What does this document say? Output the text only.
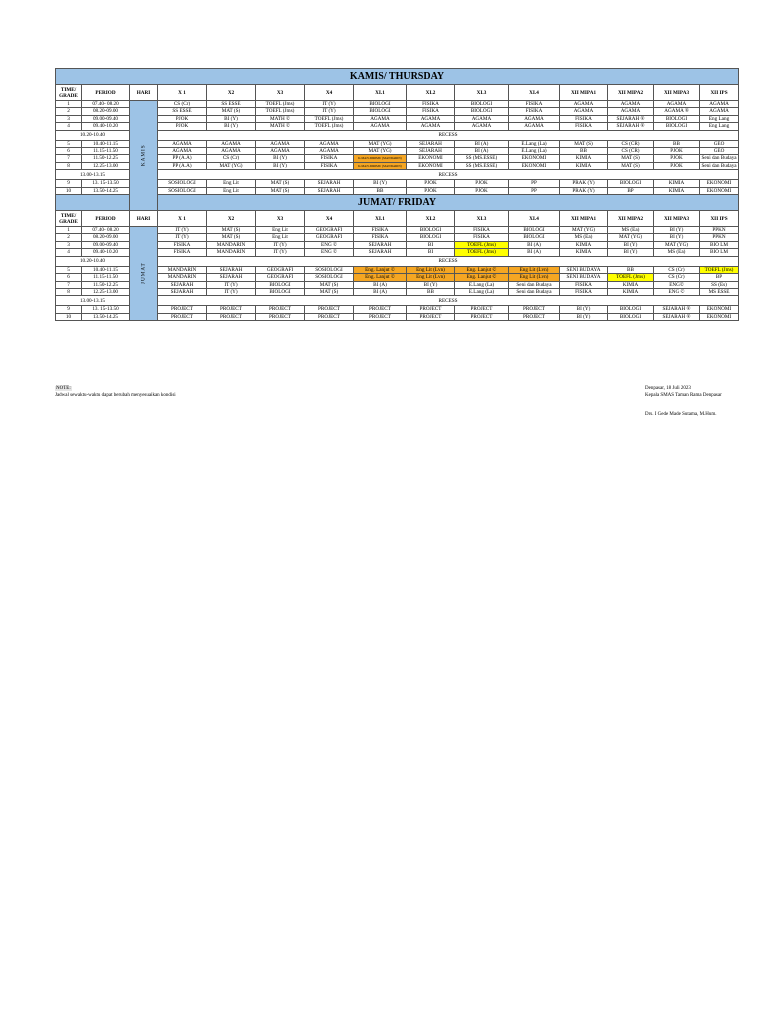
KAMIS/ THURSDAY														
TIME/ GRADE	PERIOD	HARI	X 1	X2	X3	X4	XI.1	XI.2	XI.3	XI.4	XII MIPA1	XII MIPA2	XII MIPA3	XII IPS
1	07.40- 08.20	KAMIS	CS (Cr)	SS ESSE	TOEFL (Jms)	IT (Y)	BIOLOGI	FISIKA	BIOLOGI	FISIKA	AGAMA	AGAMA	AGAMA	AGAMA
2	08.20-09.00		SS ESSE	MAT (S)	TOEFL (Jms)	IT (Y)	BIOLOGI	FISIKA	BIOLOGI	FISIKA	AGAMA	AGAMA	AGAMA ®	AGAMA
3	09.00-09.40		PJOK	BI (Y)	MATH ©	TOEFL (Jms)	AGAMA	AGAMA	AGAMA	AGAMA	FISIKA	SEJARAH ®	BIOLOGI	Eng Lang
4	09.40-10.20		PJOK	BI (Y)	MATH ©	TOEFL (Jms)	AGAMA	AGAMA	AGAMA	AGAMA	FISIKA	SEJARAH ®	BIOLOGI	Eng Lang
10.20-10.40			RECESS											
5	10.40-11.15		AGAMA	AGAMA	AGAMA	AGAMA	MAT (YG)	SEJARAH	BI (A)	E.Lang (La)	MAT (S)	CS (CR)	BB	GEO
6	11.15-11.50		AGAMA	AGAMA	AGAMA	AGAMA	MAT (YG)	SEJARAH	BI (A)	E.Lang (La)	BB	CS (CR)	PJOK	GEO
7	11.50-12.25		PP (A.A)	CS (Cr)	BI (Y)	FISIKA	K.MAN.DIRIMU (MANDARIN)	EKONOMI	SS (MS.ESSE)	EKONOMI	KIMIA	MAT (S)	PJOK	Seni dan Budaya
8	12.25-13.00		PP (A.A)	MAT (YG)	BI (Y)	FISIKA	K.MAN.DIRIMU (MANDARIN)	EKONOMI	SS (MS.ESSE)	EKONOMI	KIMIA	MAT (S)	PJOK	Seni dan Budaya
13.00-13.15			RECESS											
9	13. 15-13.50		SOSIOLOGI	Eng Lit	MAT (S)	SEJARAH	BI (Y)	PJOK	PJOK	PP	PRAK (Y)	BIOLOGI	KIMIA	EKONOMI
10	13.50-14.25		SOSIOLOGI	Eng Lit	MAT (S)	SEJARAH	BB	PJOK	PJOK	PP	PRAK (Y)	BP	KIMIA	EKONOMI
JUMAT/ FRIDAY														
TIME/ GRADE	PERIOD	HARI	X 1	X2	X3	X4	XI.1	XI.2	XI.3	XI.4	XII MIPA1	XII MIPA2	XII MIPA3	XII IPS
1	07.40- 08.20	JUMAT	IT (Y)	MAT (S)	Eng Lit	GEOGRAFI	FISIKA	BIOLOGI	FISIKA	BIOLOGI	MAT (YG)	MS (Ea)	BI (Y)	PPKN
2	08.20-09.00		IT (Y)	MAT (S)	Eng Lit	GEOGRAFI	FISIKA	BIOLOGI	FISIKA	BIOLOGI	MS (Ea)	MAT (YG)	BI (Y)	PPKN
3	09.00-09.40		FISIKA	MANDARIN	IT (Y)	ENG ©	SEJARAH	BI	TOEFL (Jms)	BI (A)	KIMIA	BI (Y)	MAT (YG)	BIO LM
4	09.40-10.20		FISIKA	MANDARIN	IT (Y)	ENG ©	SEJARAH	BI	TOEFL (Jms)	BI (A)	KIMIA	BI (Y)	MS (Ea)	BIO LM
10.20-10.40			RECESS											
5	10.40-11.15		MANDARIN	SEJARAH	GEOGRAFI	SOSIOLOGI	Eng. Lanjut ©	Eng Lit (Lvn)	Eng. Lanjut ©	Eng Lit (Lvn)	SENI BUDAYA	BB	CS (Cr)	TOEFL (Jms)
6	11.15-11.50		MANDARIN	SEJARAH	GEOGRAFI	SOSIOLOGI	Eng. Lanjut ©	Eng Lit (Lvn)	Eng. Lanjut ©	Eng Lit (Lvn)	SENI BUDAYA	TOEFL (Jms)	CS (Cr)	BP
7	11.50-12.25		SEJARAH	IT (Y)	BIOLOGI	MAT (S)	BI (A)	BI (Y)	E.Lang (La)	Seni dan Budaya	FISIKA	KIMIA	ENG©	SS (Es)
8	12.25-13.00		SEJARAH	IT (Y)	BIOLOGI	MAT (S)	BI (A)	BB	E.Lang (La)	Seni dan Budaya	FISIKA	KIMIA	ENG ©	MS ESSE
13.00-13.15			RECESS											
9	13. 15-13.50		PROJECT	PROJECT	PROJECT	PROJECT	PROJECT	PROJECT	PROJECT	PROJECT	BI (Y)	BIOLOGI	SEJARAH ®	EKONOMI
10	13.50-14.25		PROJECT	PROJECT	PROJECT	PROJECT	PROJECT	PROJECT	PROJECT	PROJECT	BI (Y)	BIOLOGI	SEJARAH ®	EKONOMI
NOTE:
Jadwal sewaktu-waktu dapat berubah menyesuaikan kondisi
Denpasar, 18 Juli 2023
Kepala SMAS Taman Rama Denpasar
Drs. I Gede Made Sutama, M.Hum.
